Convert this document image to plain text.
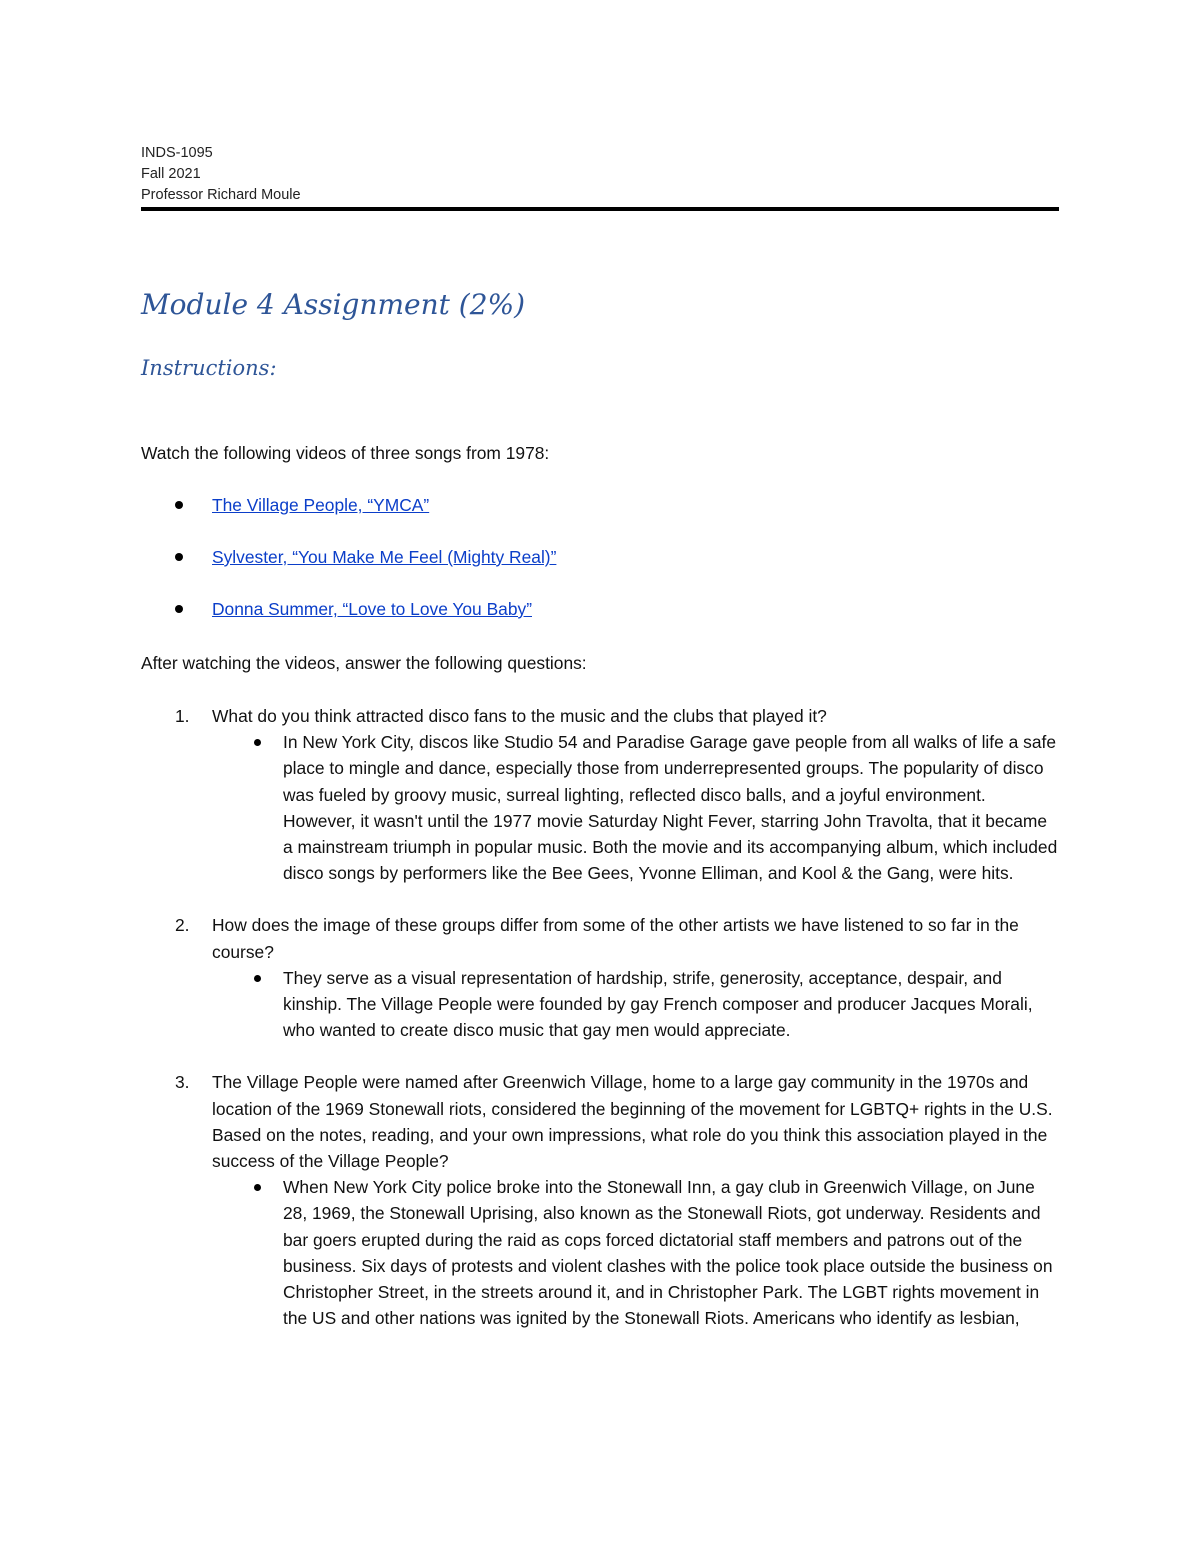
INDS-1095
Fall 2021
Professor Richard Moule
Module 4 Assignment (2%)
Instructions:
Watch the following videos of three songs from 1978:
The Village People, “YMCA”
Sylvester, “You Make Me Feel (Mighty Real)”
Donna Summer, “Love to Love You Baby”
After watching the videos, answer the following questions:
1. What do you think attracted disco fans to the music and the clubs that played it?
In New York City, discos like Studio 54 and Paradise Garage gave people from all walks of life a safe place to mingle and dance, especially those from underrepresented groups. The popularity of disco was fueled by groovy music, surreal lighting, reflected disco balls, and a joyful environment. However, it wasn't until the 1977 movie Saturday Night Fever, starring John Travolta, that it became a mainstream triumph in popular music. Both the movie and its accompanying album, which included disco songs by performers like the Bee Gees, Yvonne Elliman, and Kool & the Gang, were hits.
2. How does the image of these groups differ from some of the other artists we have listened to so far in the course?
They serve as a visual representation of hardship, strife, generosity, acceptance, despair, and kinship. The Village People were founded by gay French composer and producer Jacques Morali, who wanted to create disco music that gay men would appreciate.
3. The Village People were named after Greenwich Village, home to a large gay community in the 1970s and location of the 1969 Stonewall riots, considered the beginning of the movement for LGBTQ+ rights in the U.S. Based on the notes, reading, and your own impressions, what role do you think this association played in the success of the Village People?
When New York City police broke into the Stonewall Inn, a gay club in Greenwich Village, on June 28, 1969, the Stonewall Uprising, also known as the Stonewall Riots, got underway. Residents and bar goers erupted during the raid as cops forced dictatorial staff members and patrons out of the business. Six days of protests and violent clashes with the police took place outside the business on Christopher Street, in the streets around it, and in Christopher Park. The LGBT rights movement in the US and other nations was ignited by the Stonewall Riots. Americans who identify as lesbian,
